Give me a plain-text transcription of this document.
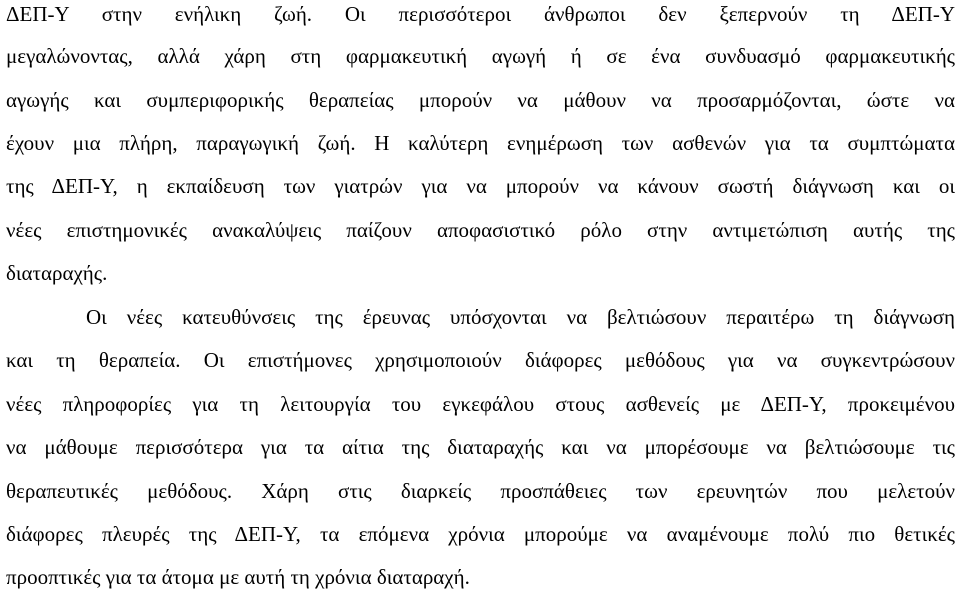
ΔΕΠ-Υ στην ενήλικη ζωή. Οι περισσότεροι άνθρωποι δεν ξεπερνούν τη ΔΕΠ-Υ
μεγαλώνοντας, αλλά χάρη στη φαρμακευτική αγωγή ή σε ένα συνδυασμό φαρμακευτικής
αγωγής και συμπεριφορικής θεραπείας μπορούν να μάθουν να προσαρμόζονται, ώστε να
έχουν μια πλήρη, παραγωγική ζωή. Η καλύτερη ενημέρωση των ασθενών για τα συμπτώματα
της ΔΕΠ-Υ, η εκπαίδευση των γιατρών για να μπορούν να κάνουν σωστή διάγνωση και οι
νέες επιστημονικές ανακαλύψεις παίζουν αποφασιστικό ρόλο στην αντιμετώπιση αυτής της
διαταραχής.
Οι νέες κατευθύνσεις της έρευνας υπόσχονται να βελτιώσουν περαιτέρω τη διάγνωση
και τη θεραπεία. Οι επιστήμονες χρησιμοποιούν διάφορες μεθόδους για να συγκεντρώσουν
νέες πληροφορίες για τη λειτουργία του εγκεφάλου στους ασθενείς με ΔΕΠ-Υ, προκειμένου
να μάθουμε περισσότερα για τα αίτια της διαταραχής και να μπορέσουμε να βελτιώσουμε τις
θεραπευτικές μεθόδους. Χάρη στις διαρκείς προσπάθειες των ερευνητών που μελετούν
διάφορες πλευρές της ΔΕΠ-Υ, τα επόμενα χρόνια μπορούμε να αναμένουμε πολύ πιο θετικές
προοπτικές για τα άτομα με αυτή τη χρόνια διαταραχή.
